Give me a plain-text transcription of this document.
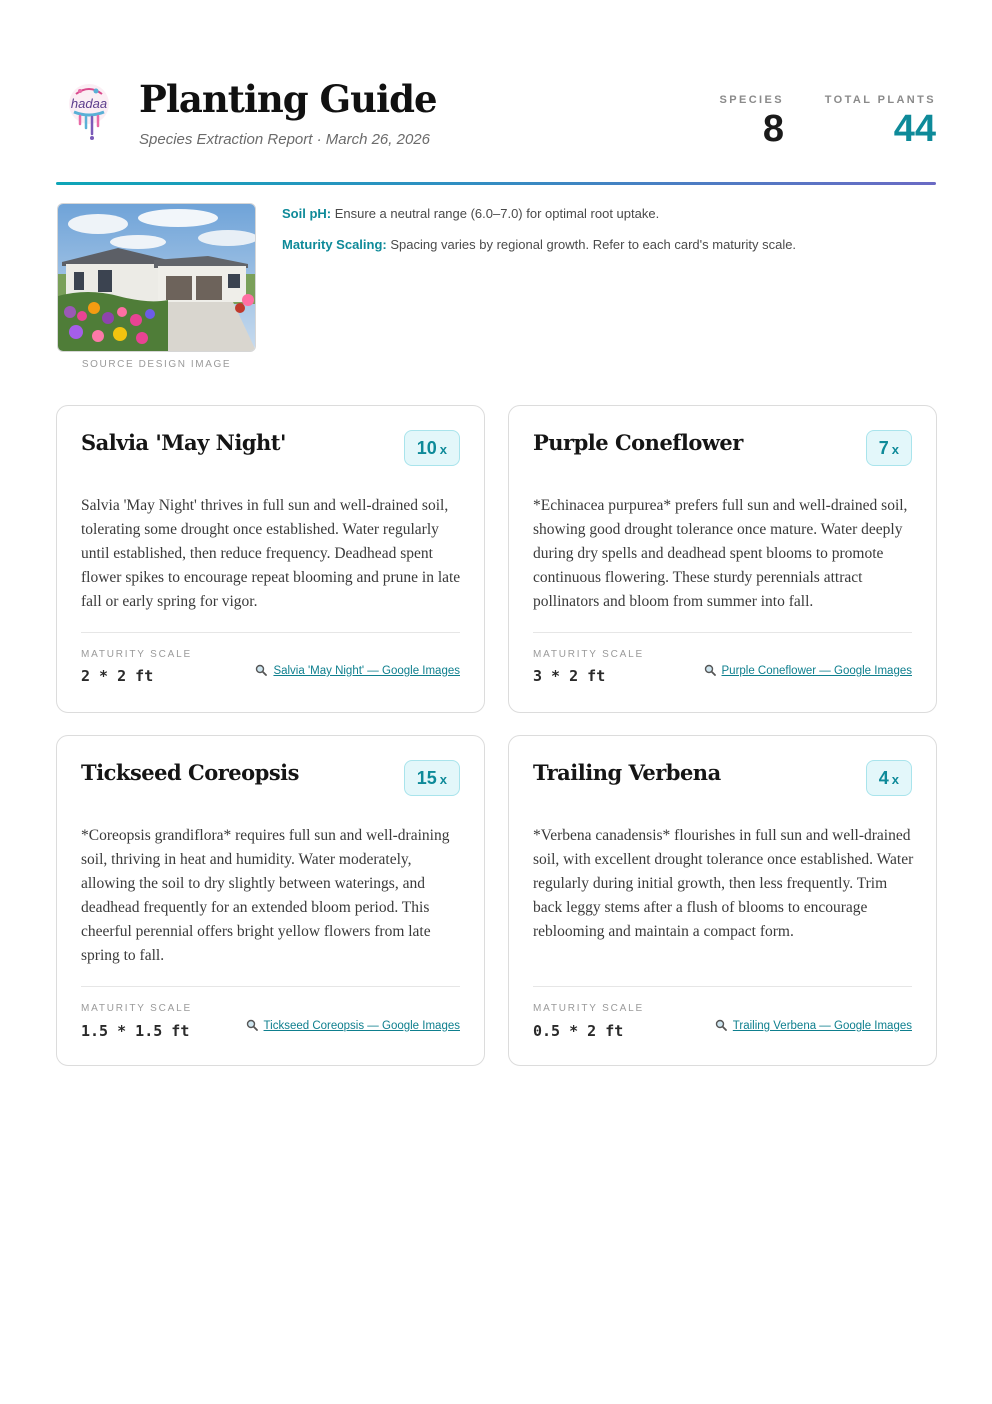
hadaa Planting Guide
Species Extraction Report · March 26, 2026
SPECIES
8
TOTAL PLANTS
44
SOURCE DESIGN IMAGE
Soil pH: Ensure a neutral range (6.0–7.0) for optimal root uptake.
Maturity Scaling: Spacing varies by regional growth. Refer to each card's maturity scale.
Salvia 'May Night'	10 x
Salvia 'May Night' thrives in full sun and well-drained soil, tolerating some drought once established. Water regularly until established, then reduce frequency. Deadhead spent flower spikes to encourage repeat blooming and prune in late fall or early spring for vigor.
MATURITY SCALE
2 * 2 ft	Salvia 'May Night' — Google Images
Purple Coneflower	7 x
*Echinacea purpurea* prefers full sun and well-drained soil, showing good drought tolerance once mature. Water deeply during dry spells and deadhead spent blooms to promote continuous flowering. These sturdy perennials attract pollinators and bloom from summer into fall.
MATURITY SCALE
3 * 2 ft	Purple Coneflower — Google Images
Tickseed Coreopsis	15 x
*Coreopsis grandiflora* requires full sun and well-draining soil, thriving in heat and humidity. Water moderately, allowing the soil to dry slightly between waterings, and deadhead frequently for an extended bloom period. This cheerful perennial offers bright yellow flowers from late spring to fall.
MATURITY SCALE
1.5 * 1.5 ft	Tickseed Coreopsis — Google Images
Trailing Verbena	4 x
*Verbena canadensis* flourishes in full sun and well-drained soil, with excellent drought tolerance once established. Water regularly during initial growth, then less frequently. Trim back leggy stems after a flush of blooms to encourage reblooming and maintain a compact form.
MATURITY SCALE
0.5 * 2 ft	Trailing Verbena — Google Images
